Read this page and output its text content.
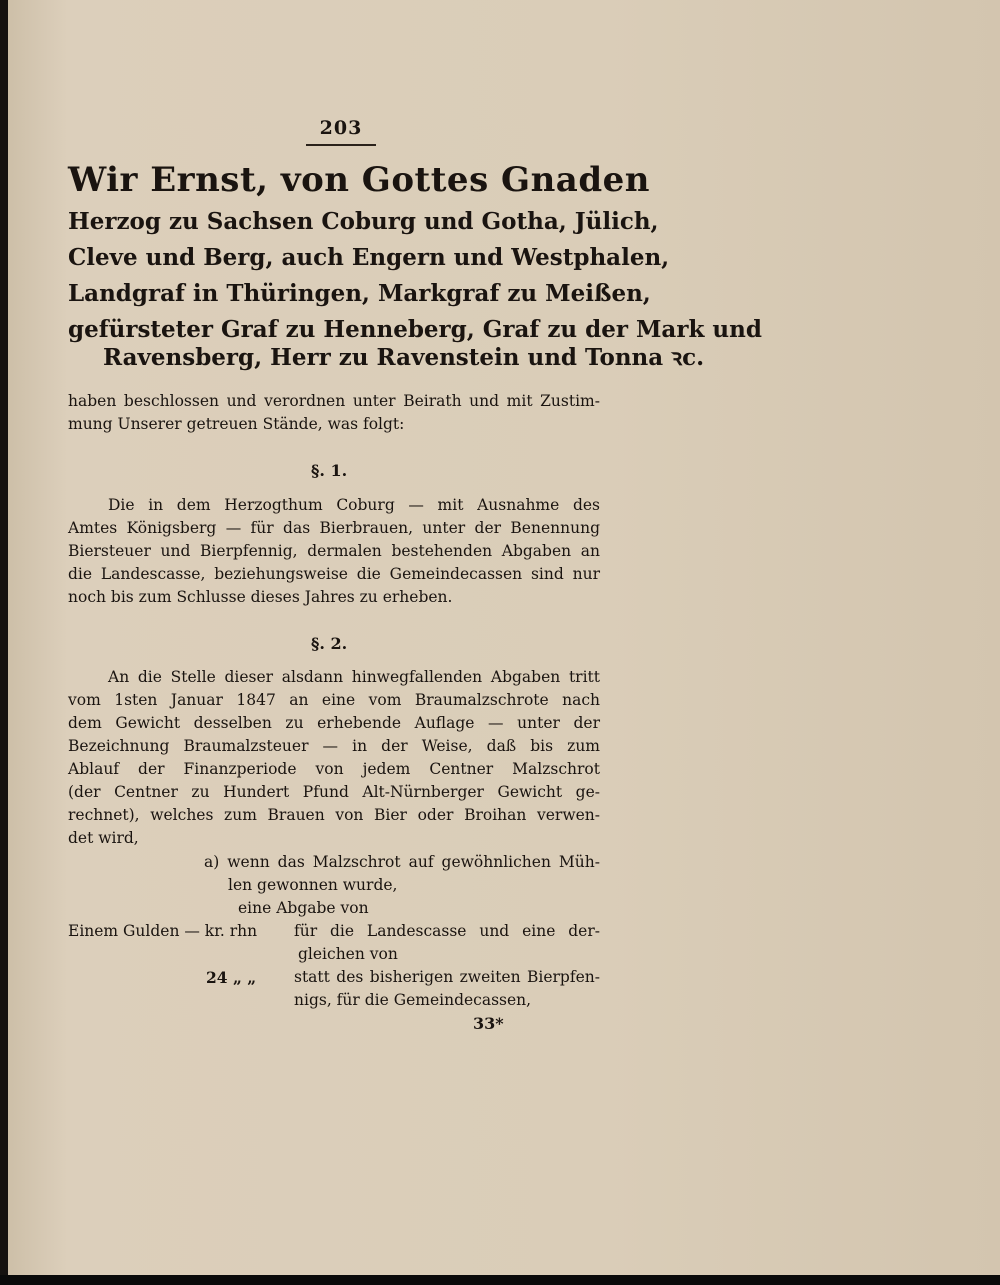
203
Wir Ernst, von Gottes Gnaden
Herzog zu Sachsen Coburg und Gotha, Jülich,
Cleve und Berg, auch Engern und Westphalen,
Landgraf in Thüringen, Markgraf zu Meißen,
gefürsteter Graf zu Henneberg, Graf zu der Mark und
Ravensberg, Herr zu Ravenstein und Tonna ꝛc.
haben beschlossen und verordnen unter Beirath und mit Zustim-
mung Unserer getreuen Stände, was folgt:
§. 1.
Die in dem Herzogthum Coburg — mit Ausnahme des
Amtes Königsberg — für das Bierbrauen, unter der Benennung
Biersteuer und Bierpfennig, dermalen bestehenden Abgaben an
die Landescasse, beziehungsweise die Gemeindecassen sind nur
noch bis zum Schlusse dieses Jahres zu erheben.
§. 2.
An die Stelle dieser alsdann hinwegfallenden Abgaben tritt
vom 1sten Januar 1847 an eine vom Braumalzschrote nach
dem Gewicht desselben zu erhebende Auflage — unter der
Bezeichnung Braumalzsteuer — in der Weise, daß bis zum
Ablauf der Finanzperiode von jedem Centner Malzschrot
(der Centner zu Hundert Pfund Alt-Nürnberger Gewicht ge-
rechnet), welches zum Brauen von Bier oder Broihan verwen-
det wird,
a) wenn das Malzschrot auf gewöhnlichen Müh-
len gewonnen wurde,
eine Abgabe von
Einem Gulden — kr. rhn für die Landescasse und eine der-
gleichen von
24 „ „ statt des bisherigen zweiten Bierpfen-
nigs, für die Gemeindecassen,
33*
